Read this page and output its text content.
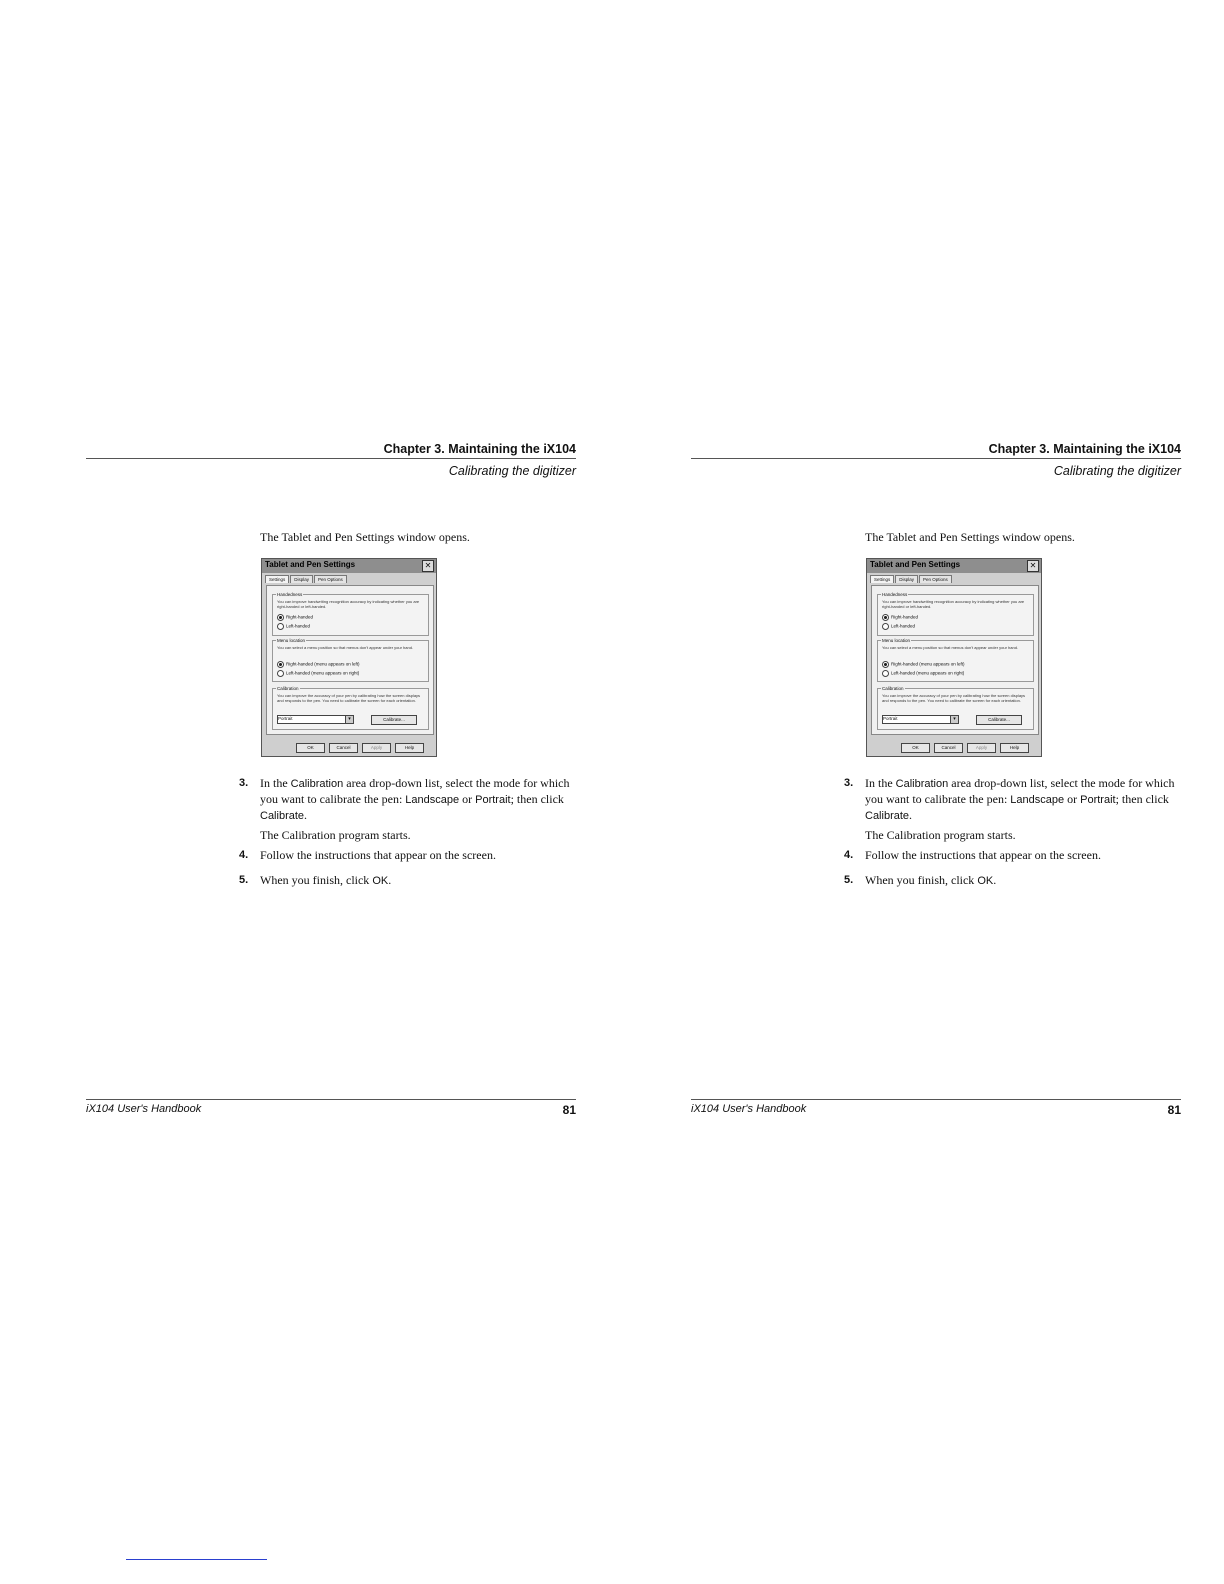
Chapter 3. Maintaining the iX104
Calibrating the digitizer
The Tablet and Pen Settings window opens.
Tablet and Pen Settings	✕
Settings Display Pen Options
Handedness
You can improve handwriting recognition accuracy by indicating whether you are right-handed or left-handed.
Right-handed
Left-handed
Menu location
You can select a menu position so that menus don't appear under your hand.
Right-handed (menu appears on left)
Left-handed (menu appears on right)
Calibration
You can improve the accuracy of your pen by calibrating how the screen displays and responds to the pen. You need to calibrate the screen for each orientation.
Portrait	▾	Calibrate...
OK	Cancel	Apply	Help
3. In the Calibration area drop-down list, select the mode for which you want to calibrate the pen: Landscape or Portrait; then click Calibrate.
The Calibration program starts.
4. Follow the instructions that appear on the screen.
5. When you finish, click OK.
iX104 User's Handbook	81
Chapter 3. Maintaining the iX104
Calibrating the digitizer
The Tablet and Pen Settings window opens.
Tablet and Pen Settings	✕
Settings Display Pen Options
Handedness
You can improve handwriting recognition accuracy by indicating whether you are right-handed or left-handed.
Right-handed
Left-handed
Menu location
You can select a menu position so that menus don't appear under your hand.
Right-handed (menu appears on left)
Left-handed (menu appears on right)
Calibration
You can improve the accuracy of your pen by calibrating how the screen displays and responds to the pen. You need to calibrate the screen for each orientation.
Portrait	▾	Calibrate...
OK	Cancel	Apply	Help
3. In the Calibration area drop-down list, select the mode for which you want to calibrate the pen: Landscape or Portrait; then click Calibrate.
The Calibration program starts.
4. Follow the instructions that appear on the screen.
5. When you finish, click OK.
iX104 User's Handbook	81
